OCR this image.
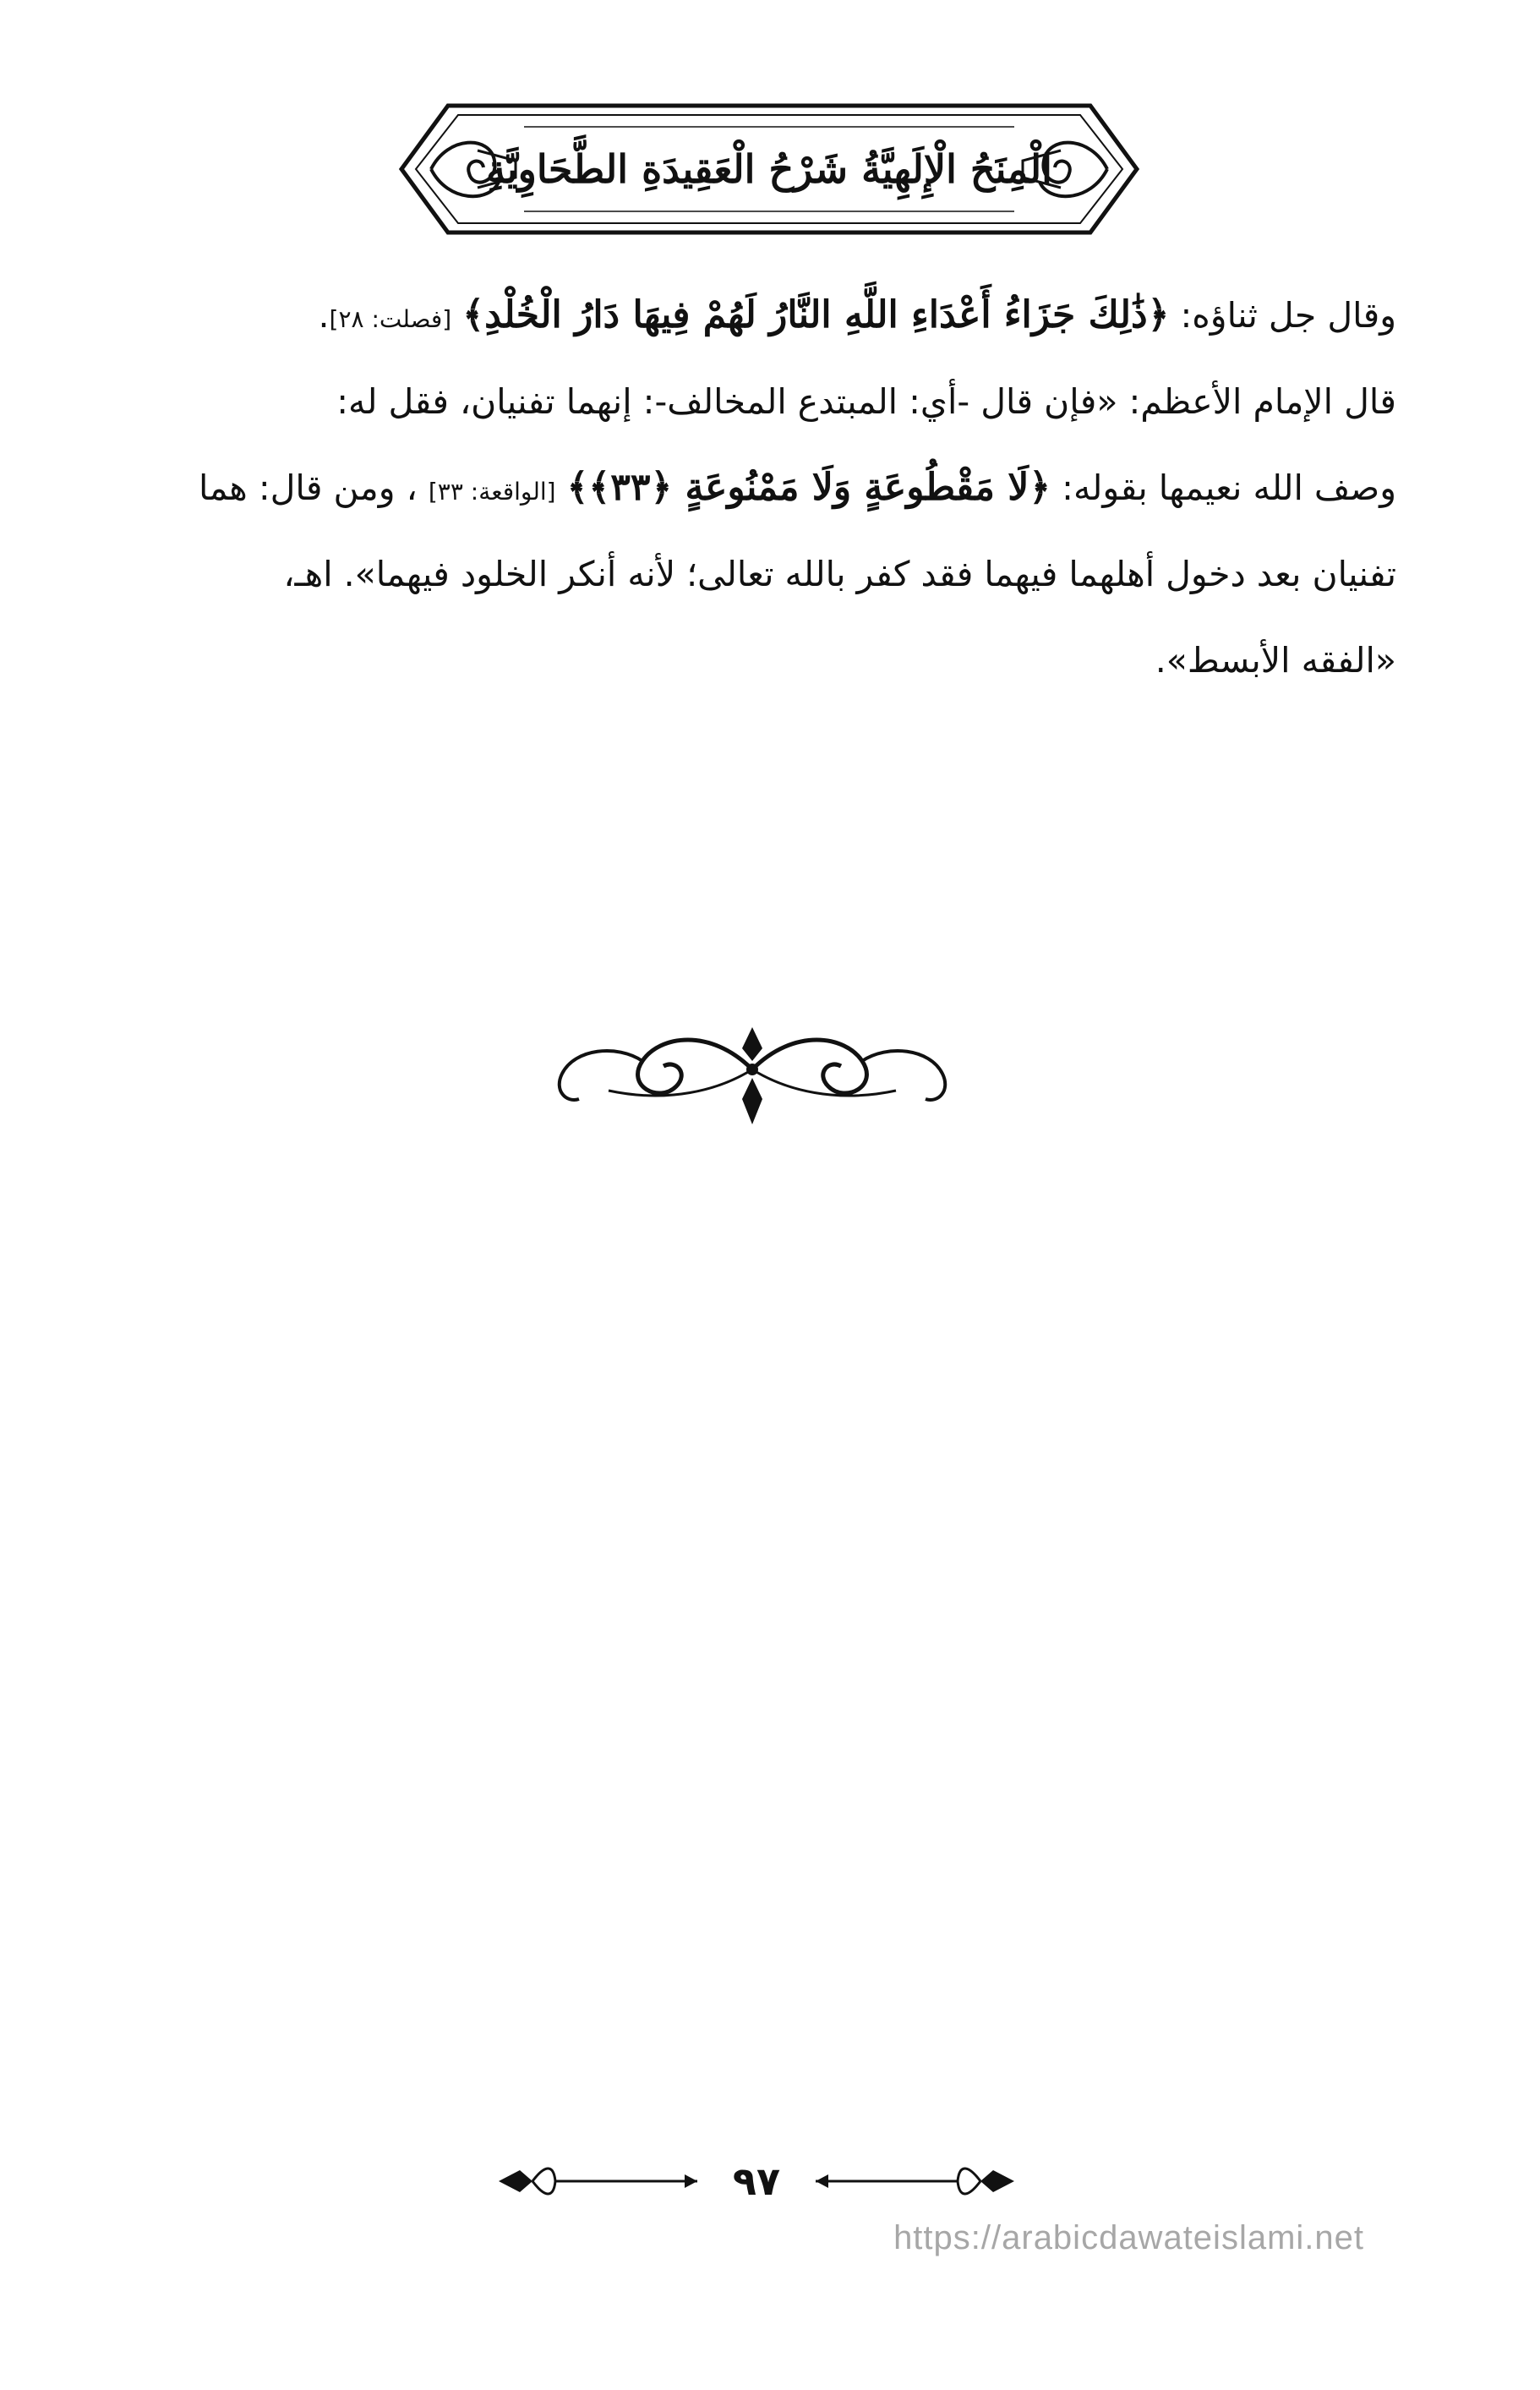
الْمِنَحُ الْإِلَهِيَّةُ شَرْحُ الْعَقِيدَةِ الطَّحَاوِيَّةِ
وقال جل ثناؤه: ﴿ذَٰلِكَ جَزَاءُ أَعْدَاءِ اللَّهِ النَّارُ لَهُمْ فِيهَا دَارُ الْخُلْدِ﴾ [فصلت: ٢٨].
قال الإمام الأعظم: «فإن قال -أي: المبتدع المخالف-: إنهما تفنيان، فقل له:
وصف الله نعيمها بقوله: ﴿لَا مَقْطُوعَةٍ وَلَا مَمْنُوعَةٍ ﴿٣٣﴾﴾ [الواقعة: ٣٣] ، ومن قال: هما
تفنيان بعد دخول أهلهما فيهما فقد كفر بالله تعالى؛ لأنه أنكر الخلود فيهما». اهـ،
«الفقه الأبسط».
٩٧
https://arabicdawateislami.net
